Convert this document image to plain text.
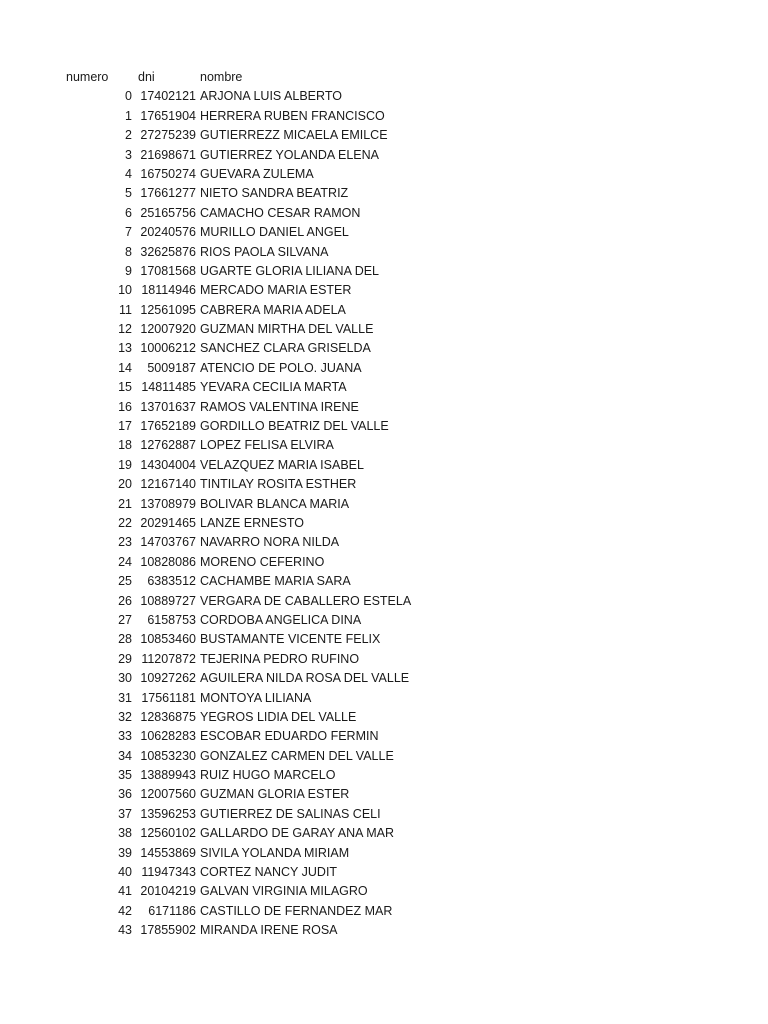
numero	dni	nombre
0 17402121 ARJONA LUIS ALBERTO
1 17651904 HERRERA RUBEN FRANCISCO
2 27275239 GUTIERREZZ MICAELA EMILCE
3 21698671 GUTIERREZ YOLANDA ELENA
4 16750274 GUEVARA ZULEMA
5 17661277 NIETO SANDRA BEATRIZ
6 25165756 CAMACHO CESAR RAMON
7 20240576 MURILLO DANIEL ANGEL
8 32625876 RIOS PAOLA SILVANA
9 17081568 UGARTE GLORIA LILIANA DEL
10 18114946 MERCADO MARIA ESTER
11 12561095 CABRERA MARIA ADELA
12 12007920 GUZMAN MIRTHA DEL VALLE
13 10006212 SANCHEZ CLARA GRISELDA
14	5009187 ATENCIO DE POLO. JUANA
15 14811485 YEVARA CECILIA MARTA
16 13701637 RAMOS VALENTINA IRENE
17 17652189 GORDILLO BEATRIZ DEL VALLE
18 12762887 LOPEZ FELISA ELVIRA
19 14304004 VELAZQUEZ MARIA ISABEL
20 12167140 TINTILAY ROSITA ESTHER
21 13708979 BOLIVAR BLANCA MARIA
22 20291465 LANZE ERNESTO
23 14703767 NAVARRO NORA NILDA
24 10828086 MORENO CEFERINO
25	6383512 CACHAMBE MARIA SARA
26 10889727 VERGARA DE CABALLERO ESTELA
27	6158753 CORDOBA ANGELICA DINA
28 10853460 BUSTAMANTE VICENTE FELIX
29 11207872 TEJERINA PEDRO RUFINO
30 10927262 AGUILERA NILDA ROSA DEL VALLE
31 17561181 MONTOYA LILIANA
32 12836875 YEGROS LIDIA DEL VALLE
33 10628283 ESCOBAR EDUARDO FERMIN
34 10853230 GONZALEZ CARMEN DEL VALLE
35 13889943 RUIZ HUGO MARCELO
36 12007560 GUZMAN GLORIA ESTER
37 13596253 GUTIERREZ DE SALINAS CELI
38 12560102 GALLARDO DE GARAY ANA MAR
39 14553869 SIVILA YOLANDA MIRIAM
40 11947343 CORTEZ NANCY JUDIT
41 20104219 GALVAN VIRGINIA MILAGRO
42	6171186 CASTILLO DE FERNANDEZ MAR
43 17855902 MIRANDA IRENE ROSA
